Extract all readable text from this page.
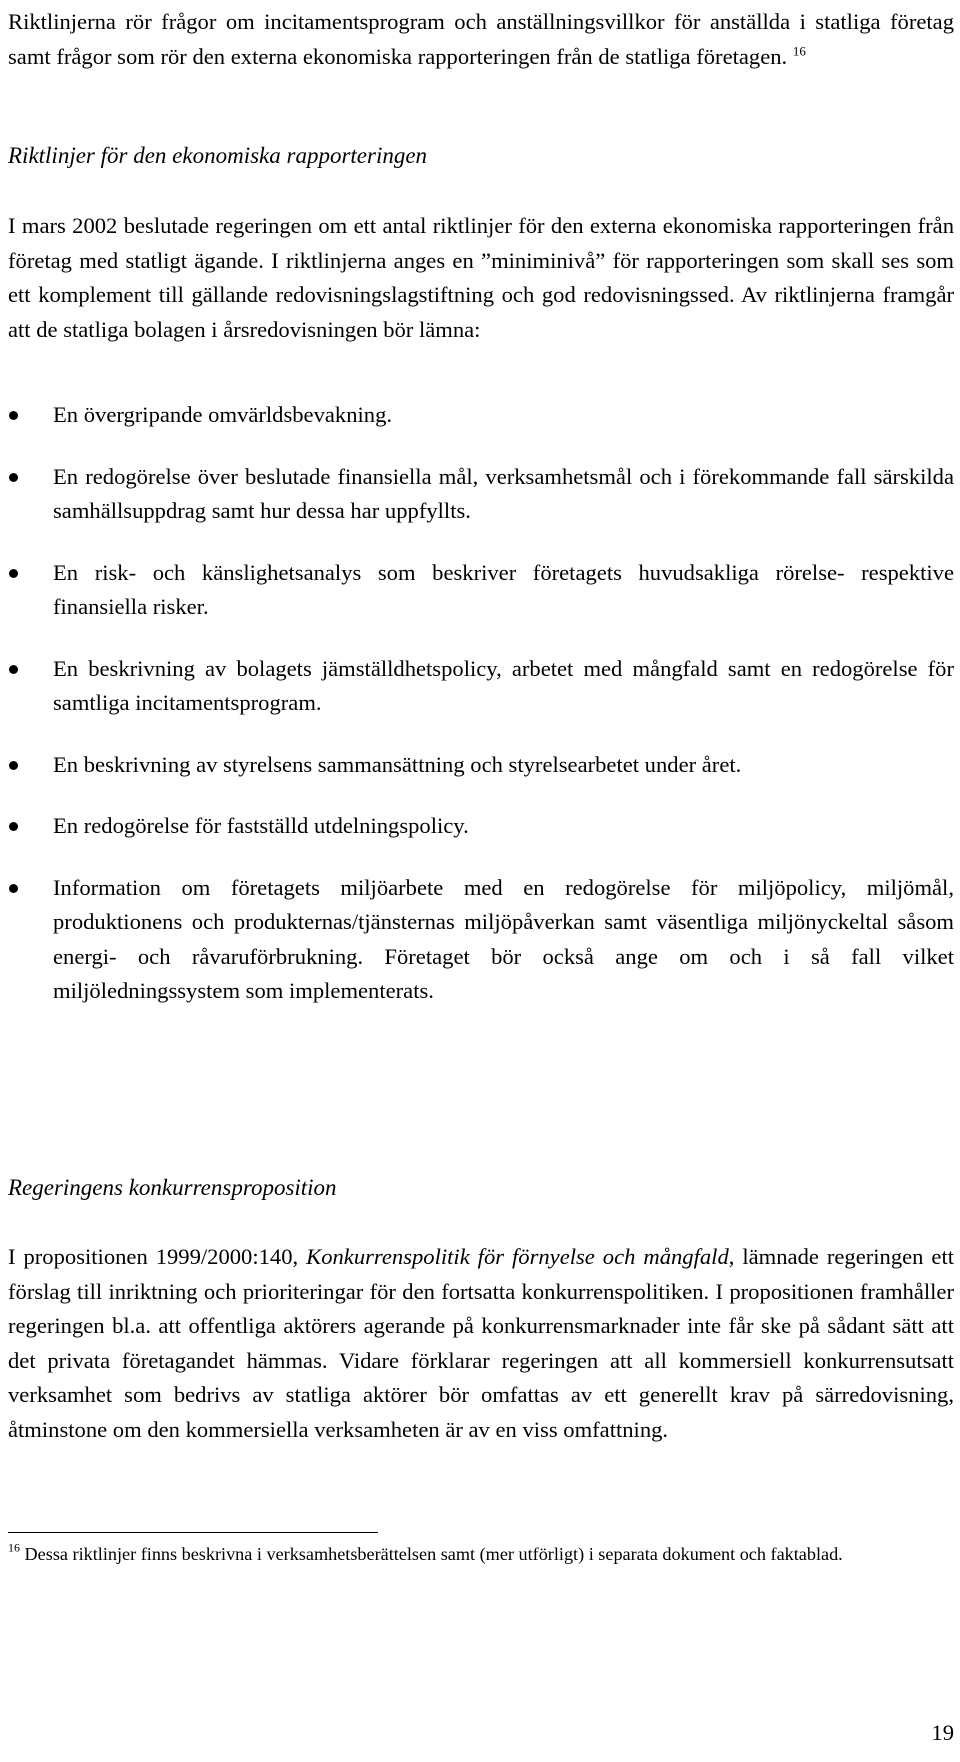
Riktlinjerna rör frågor om incitamentsprogram och anställningsvillkor för anställda i statliga företag samt frågor som rör den externa ekonomiska rapporteringen från de statliga företagen. $^{16}$

Riktlinjer för den ekonomiska rapporteringen

I mars 2002 beslutade regeringen om ett antal riktlinjer för den externa ekonomiska rapporteringen från företag med statligt ägande. I riktlinjerna anges en ”miniminivå” för rapporteringen som skall ses som ett komplement till gällande redovisningslagstiftning och god redovisningssed. Av riktlinjerna framgår att de statliga bolagen i årsredovisningen bör lämna:

En övergripande omvärldsbevakning.
En redogörelse över beslutade finansiella mål, verksamhetsmål och i förekommande fall särskilda samhällsuppdrag samt hur dessa har uppfyllts.
En risk- och känslighetsanalys som beskriver företagets huvudsakliga rörelse- respektive finansiella risker.
En beskrivning av bolagets jämställdhetspolicy, arbetet med mångfald samt en redogörelse för samtliga incitamentsprogram.
En beskrivning av styrelsens sammansättning och styrelsearbetet under året.
En redogörelse för fastställd utdelningspolicy.
Information om företagets miljöarbete med en redogörelse för miljöpolicy, miljömål, produktionens och produkternas/tjänsternas miljöpåverkan samt väsentliga miljönyckeltal såsom energi- och råvaruförbrukning. Företaget bör också ange om och i så fall vilket miljöledningssystem som implementerats.
Regeringens konkurrensproposition

I propositionen 1999/2000:140, Konkurrenspolitik för förnyelse och mångfald, lämnade regeringen ett förslag till inriktning och prioriteringar för den fortsatta konkurrenspolitiken. I propositionen framhåller regeringen bl.a. att offentliga aktörers agerande på konkurrensmarknader inte får ske på sådant sätt att det privata företagandet hämmas. Vidare förklarar regeringen att all kommersiell konkurrensutsatt verksamhet som bedrivs av statliga aktörer bör omfattas av ett generellt krav på särredovisning, åtminstone om den kommersiella verksamheten är av en viss omfattning.

$^{16}$ Dessa riktlinjer finns beskrivna i verksamhetsberättelsen samt (mer utförligt) i separata dokument och faktablad.

19
